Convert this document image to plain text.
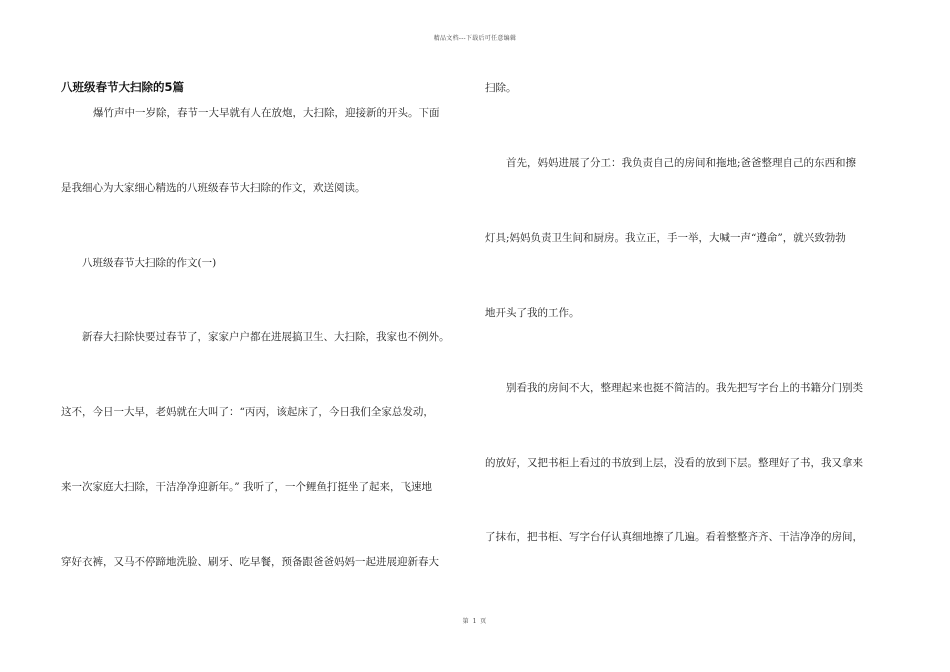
精品文档---下载后可任意编辑
八班级春节大扫除的5篇
爆竹声中一岁除，春节一大早就有人在放炮，大扫除，迎接新的开头。下面
是我细心为大家细心精选的八班级春节大扫除的作文，欢送阅读。
八班级春节大扫除的作文(一)
新春大扫除快要过春节了，家家户户都在进展搞卫生、大扫除，我家也不例外。
这不，今日一大早，老妈就在大叫了：“丙丙，该起床了，今日我们全家总发动，
来一次家庭大扫除，干洁净净迎新年。” 我听了，一个鲤鱼打挺坐了起来，飞速地
穿好衣裤，又马不停蹄地洗脸、刷牙、吃早餐，预备跟爸爸妈妈一起进展迎新春大
扫除。
首先，妈妈进展了分工：我负责自己的房间和拖地;爸爸整理自己的东西和擦
灯具;妈妈负责卫生间和厨房。我立正，手一举，大喊一声“遵命”，就兴致勃勃
地开头了我的工作。
别看我的房间不大，整理起来也挺不简洁的。我先把写字台上的书籍分门别类
的放好，又把书柜上看过的书放到上层，没看的放到下层。整理好了书，我又拿来
了抹布，把书柜、写字台仔认真细地擦了几遍。看着整整齐齐、干洁净净的房间，
第 1 页
